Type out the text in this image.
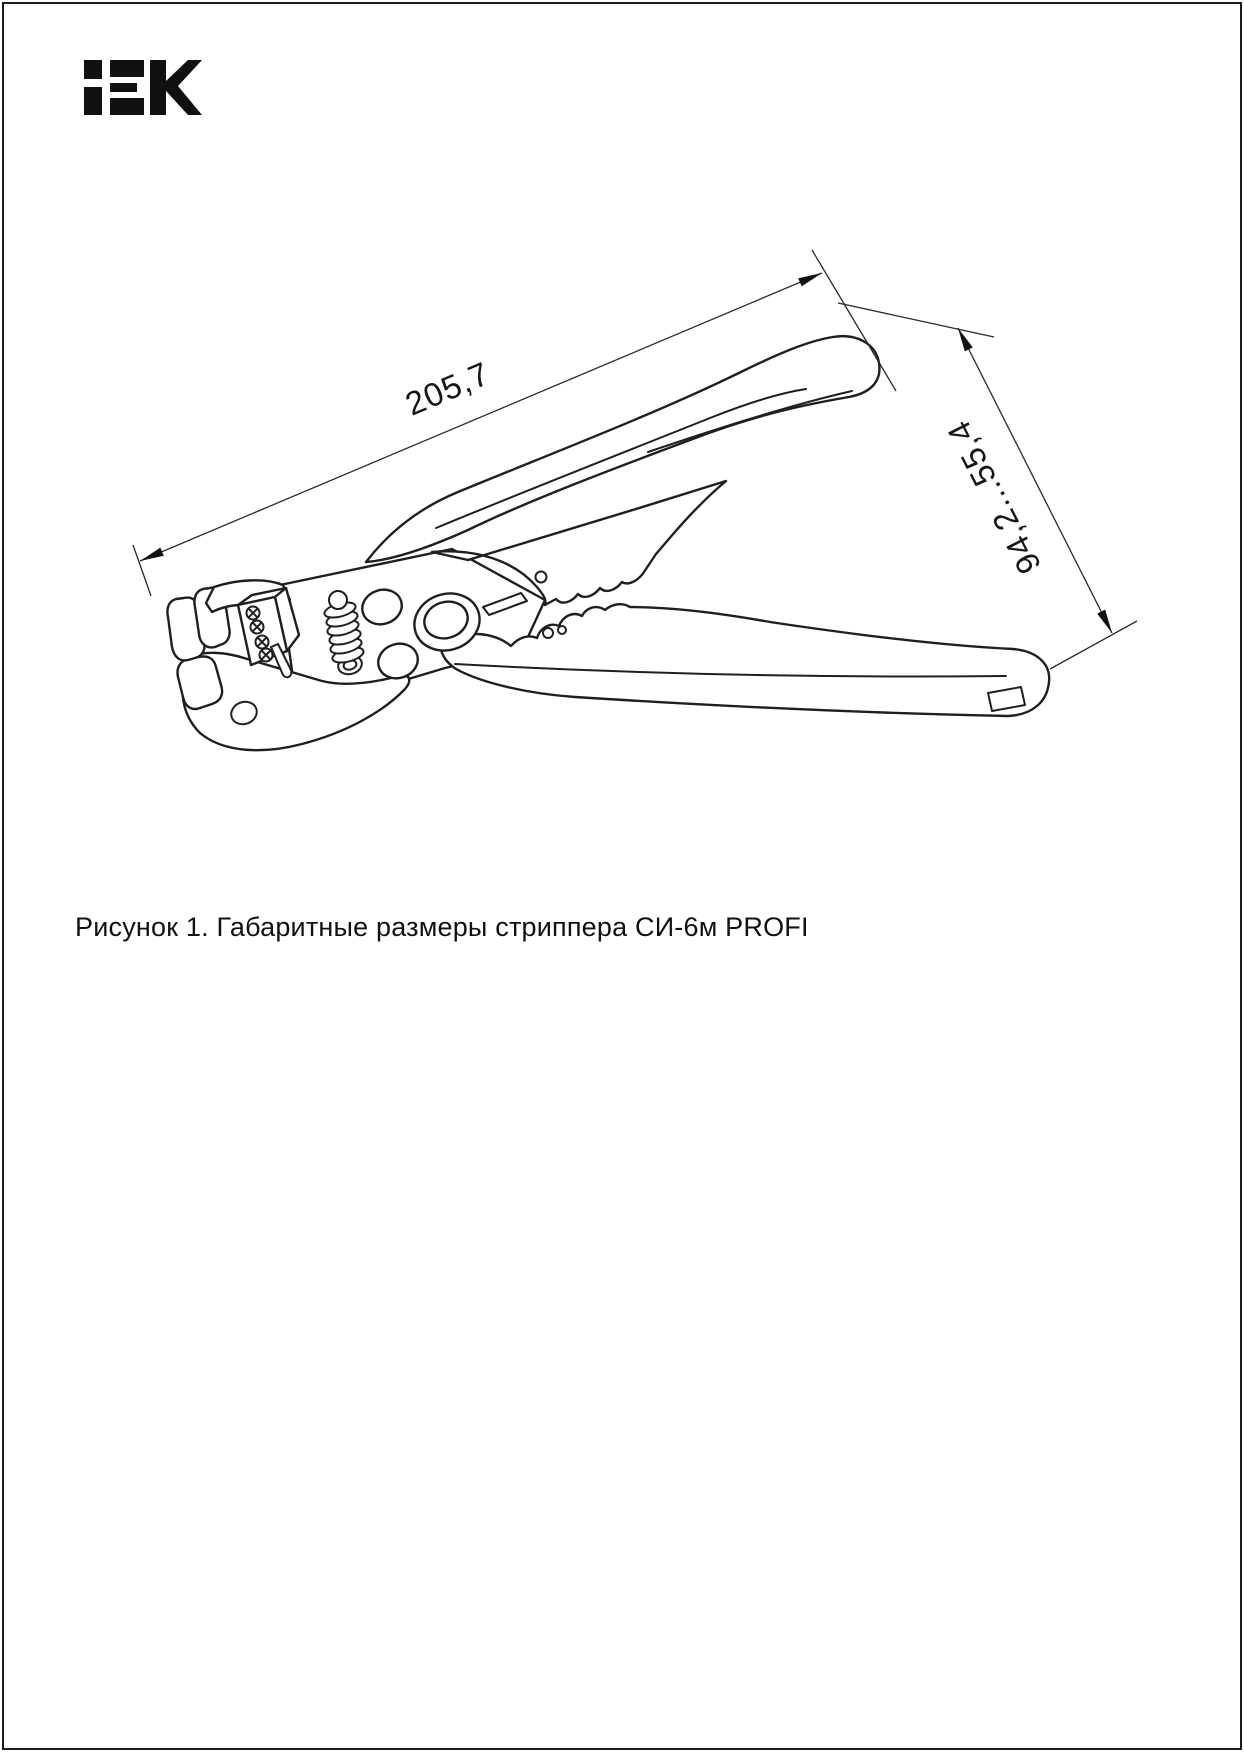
205,7
94,2...55,4
Рисунок 1. Габаритные размеры стриппера СИ-6м PROFI
